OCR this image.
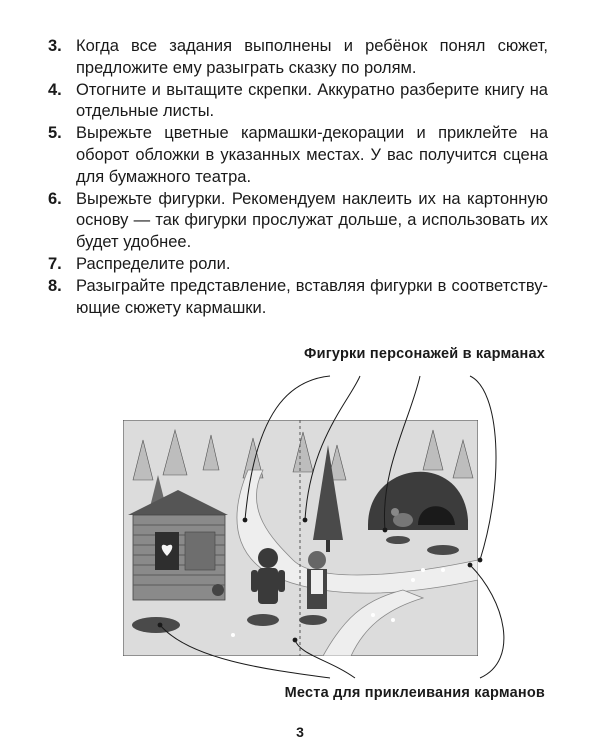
3. Когда все задания выполнены и ребёнок понял сюжет, предложите ему разыграть сказку по ролям.
4. Отогните и вытащите скрепки. Аккуратно разберите книгу на отдельные листы.
5. Вырежьте цветные кармашки-декорации и приклейте на оборот обложки в указанных местах. У вас получится сцена для бумажного театра.
6. Вырежьте фигурки. Рекомендуем наклеить их на картонную основу — так фигурки прослужат дольше, а использовать их будет удобнее.
7. Распределите роли.
8. Разыграйте представление, вставляя фигурки в соответству- ющие сюжету кармашки.
Фигурки персонажей в карманах
Места для приклеивания карманов
3
